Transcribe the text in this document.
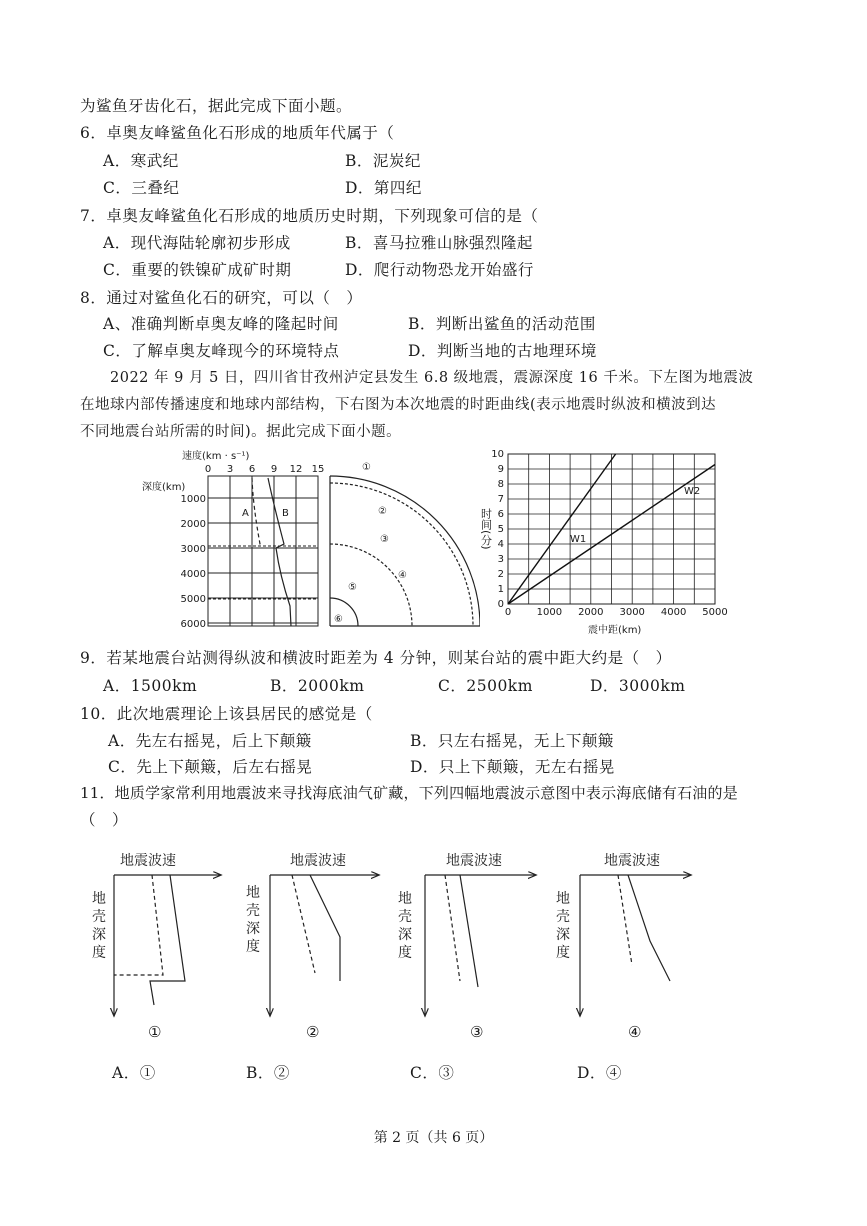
为鲨鱼牙齿化石，据此完成下面小题。
6．卓奥友峰鲨鱼化石形成的地质年代属于（
A．寒武纪	B．泥炭纪
C．三叠纪	D．第四纪
7．卓奥友峰鲨鱼化石形成的地质历史时期，下列现象可信的是（
A．现代海陆轮廓初步形成	B．喜马拉雅山脉强烈隆起
C．重要的铁镍矿成矿时期	D．爬行动物恐龙开始盛行
8．通过对鲨鱼化石的研究，可以（　）
A、准确判断卓奥友峰的隆起时间	B．判断出鲨鱼的活动范围
C．了解卓奥友峰现今的环境特点	D．判断当地的古地理环境
2022 年 9 月 5 日，四川省甘孜州泸定县发生 6.8 级地震，震源深度 16 千米。下左图为地震波
在地球内部传播速度和地球内部结构，下右图为本次地震的时距曲线(表示地震时纵波和横波到达
不同地震台站所需的时间)。据此完成下面小题。
速度(km · s⁻¹)
0 3 6 9 12 15
深度(km)
1000
2000
3000
4000
5000
6000
A	B
①
②
③
④
⑤
⑥
0
1
2
3
4
5
6
7
8
9
10
0	1000 2000 3000 4000 5000
时间(分)
震中距(km)
W1
W2
9．若某地震台站测得纵波和横波时距差为 4 分钟，则某台站的震中距大约是（　）
A．1500km	B．2000km	C．2500km	D．3000km
10．此次地震理论上该县居民的感觉是（
A．先左右摇晃，后上下颠簸	B．只左右摇晃，无上下颠簸
C．先上下颠簸，后左右摇晃	D．只上下颠簸，无左右摇晃
11．地质学家常利用地震波来寻找海底油气矿藏，下列四幅地震波示意图中表示海底储有石油的是
（　）
地震波速
地
壳
深
度
①
地震波速
地
壳
深
度
②
地震波速
地
壳
深
度
③
地震波速
地
壳
深
度
④
A．①	B．②	C．③	D．④
第 2 页（共 6 页）
